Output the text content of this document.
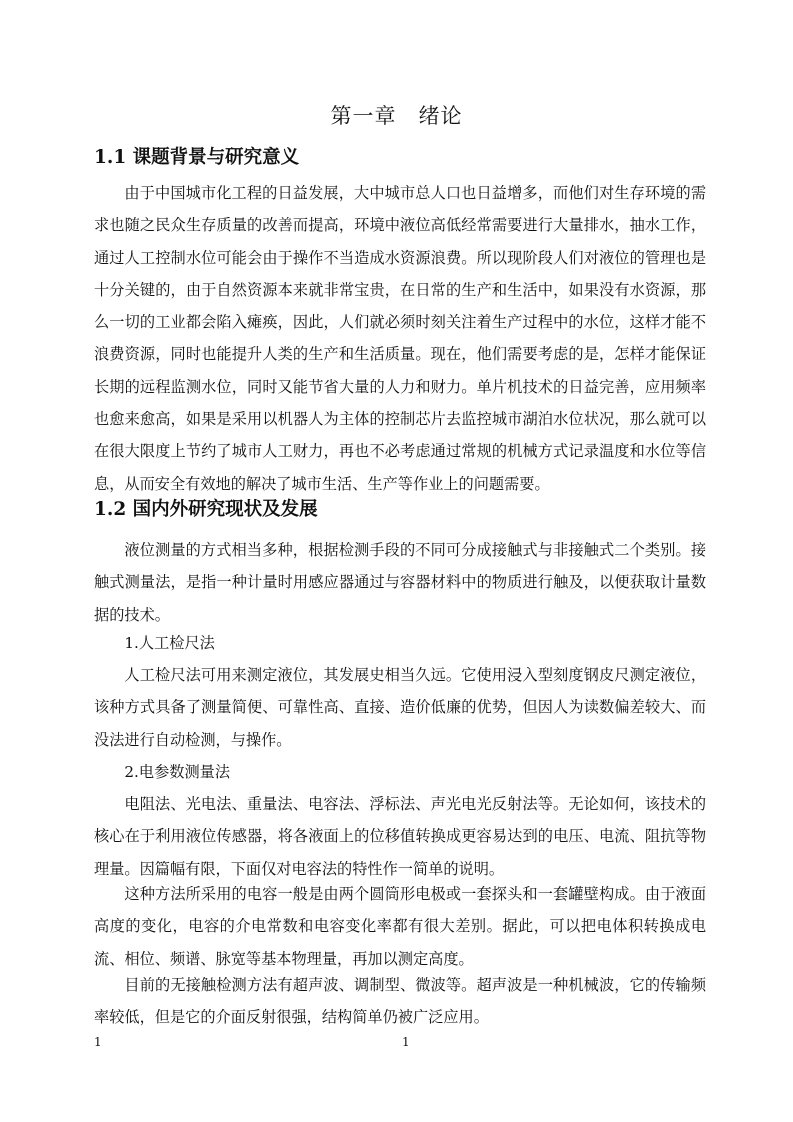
第一章　绪论
1.1 课题背景与研究意义

由于中国城市化工程的日益发展，大中城市总人口也日益增多，而他们对生存环境的需求也随之民众生存质量的改善而提高，环境中液位高低经常需要进行大量排水，抽水工作，通过人工控制水位可能会由于操作不当造成水资源浪费。所以现阶段人们对液位的管理也是十分关键的，由于自然资源本来就非常宝贵，在日常的生产和生活中，如果没有水资源，那么一切的工业都会陷入瘫痪，因此，人们就必须时刻关注着生产过程中的水位，这样才能不浪费资源，同时也能提升人类的生产和生活质量。现在，他们需要考虑的是，怎样才能保证长期的远程监测水位，同时又能节省大量的人力和财力。单片机技术的日益完善，应用频率也愈来愈高，如果是采用以机器人为主体的控制芯片去监控城市湖泊水位状况，那么就可以在很大限度上节约了城市人工财力，再也不必考虑通过常规的机械方式记录温度和水位等信息，从而安全有效地的解决了城市生活、生产等作业上的问题需要。

1.2 国内外研究现状及发展

液位测量的方式相当多种，根据检测手段的不同可分成接触式与非接触式二个类别。接触式测量法，是指一种计量时用感应器通过与容器材料中的物质进行触及，以便获取计量数据的技术。

1.人工检尺法

人工检尺法可用来测定液位，其发展史相当久远。它使用浸入型刻度钢皮尺测定液位，该种方式具备了测量简便、可靠性高、直接、造价低廉的优势，但因人为读数偏差较大、而没法进行自动检测，与操作。

2.电参数测量法

电阻法、光电法、重量法、电容法、浮标法、声光电光反射法等。无论如何，该技术的核心在于利用液位传感器，将各液面上的位移值转换成更容易达到的电压、电流、阻抗等物理量。因篇幅有限，下面仅对电容法的特性作一简单的说明。

这种方法所采用的电容一般是由两个圆筒形电极或一套探头和一套罐壁构成。由于液面高度的变化，电容的介电常数和电容变化率都有很大差别。据此，可以把电体积转换成电流、相位、频谱、脉宽等基本物理量，再加以测定高度。

目前的无接触检测方法有超声波、调制型、微波等。超声波是一种机械波，它的传输频率较低，但是它的介面反射很强，结构简单仍被广泛应用。

1	1
